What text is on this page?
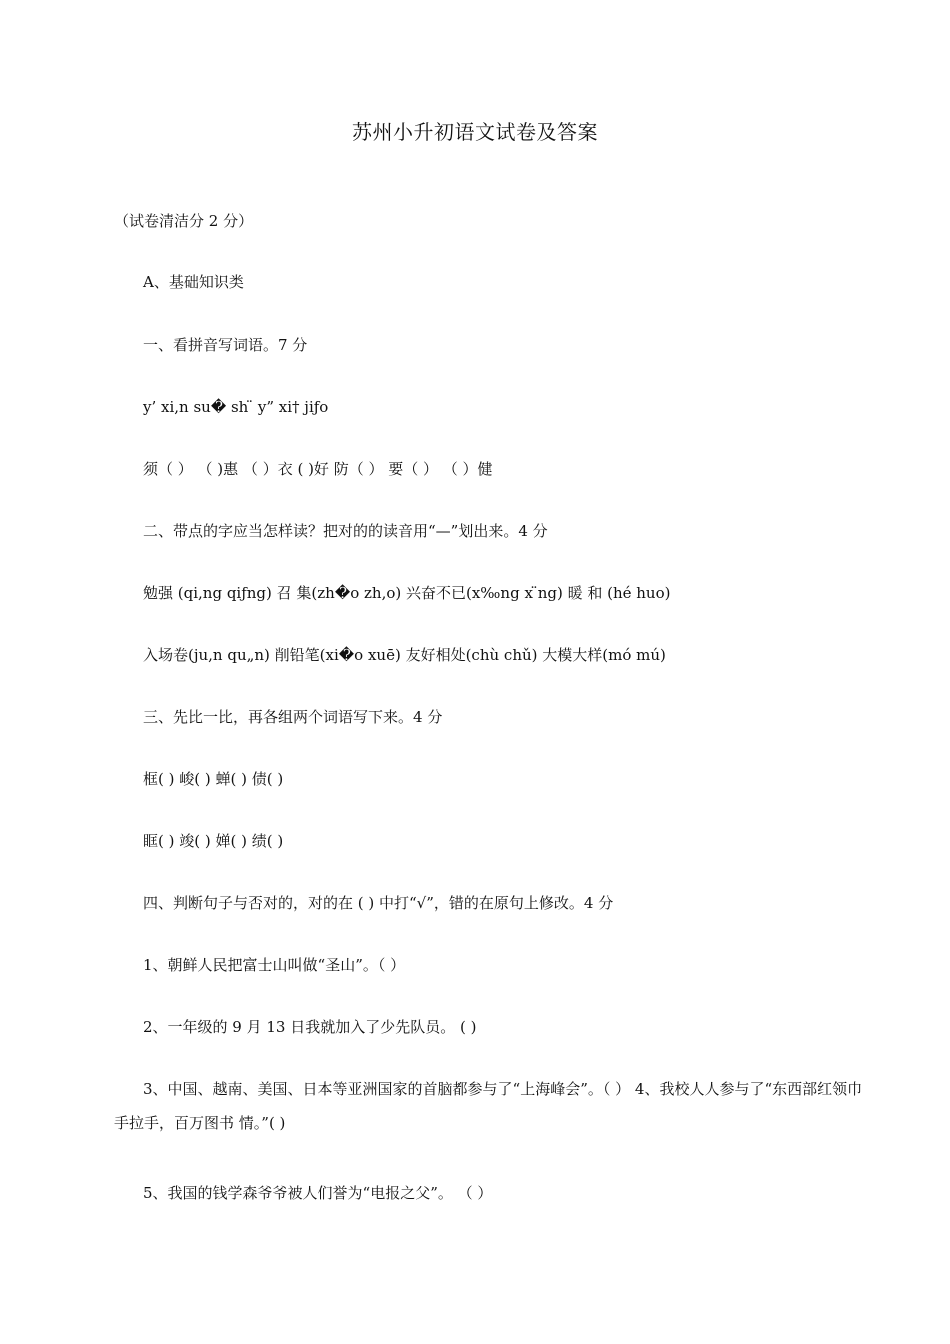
苏州小升初语文试卷及答案
（试卷清洁分 2 分）
A、基础知识类
一、看拼音写词语。7 分
y’ xi,n su� sh ̈ y” xi† jiƒo
须（ ） （ )惠 （ ）衣 ( )好 防（ ） 要（ ） （ ）健
二、带点的字应当怎样读？把对的的读音用“—”划出来。4 分
勉强 (qi,ng qiƒng) 召 集(zh�o zh,o) 兴奋不已(x‰ng x ̈ng) 暖 和 (hé huo)
入场卷(ju,n qu„n) 削铅笔(xi�o xuē) 友好相处(chù chǔ) 大模大样(mó mú)
三、先比一比，再各组两个词语写下来。4 分
框( ) 峻( ) 蝉( ) 债( )
眶( ) 竣( ) 婵( ) 绩( )
四、判断句子与否对的，对的在 ( ) 中打“√”，错的在原句上修改。4 分
1、朝鲜人民把富士山叫做“圣山”。（ ）
2、一年级的 9 月 13 日我就加入了少先队员。 ( )
3、中国、越南、美国、日本等亚洲国家的首脑都参与了“上海峰会”。（ ） 4、我校人人参与了“东西部红领巾手拉手，百万图书 情。”( )
5、我国的钱学森爷爷被人们誉为“电报之父”。 （ ）
